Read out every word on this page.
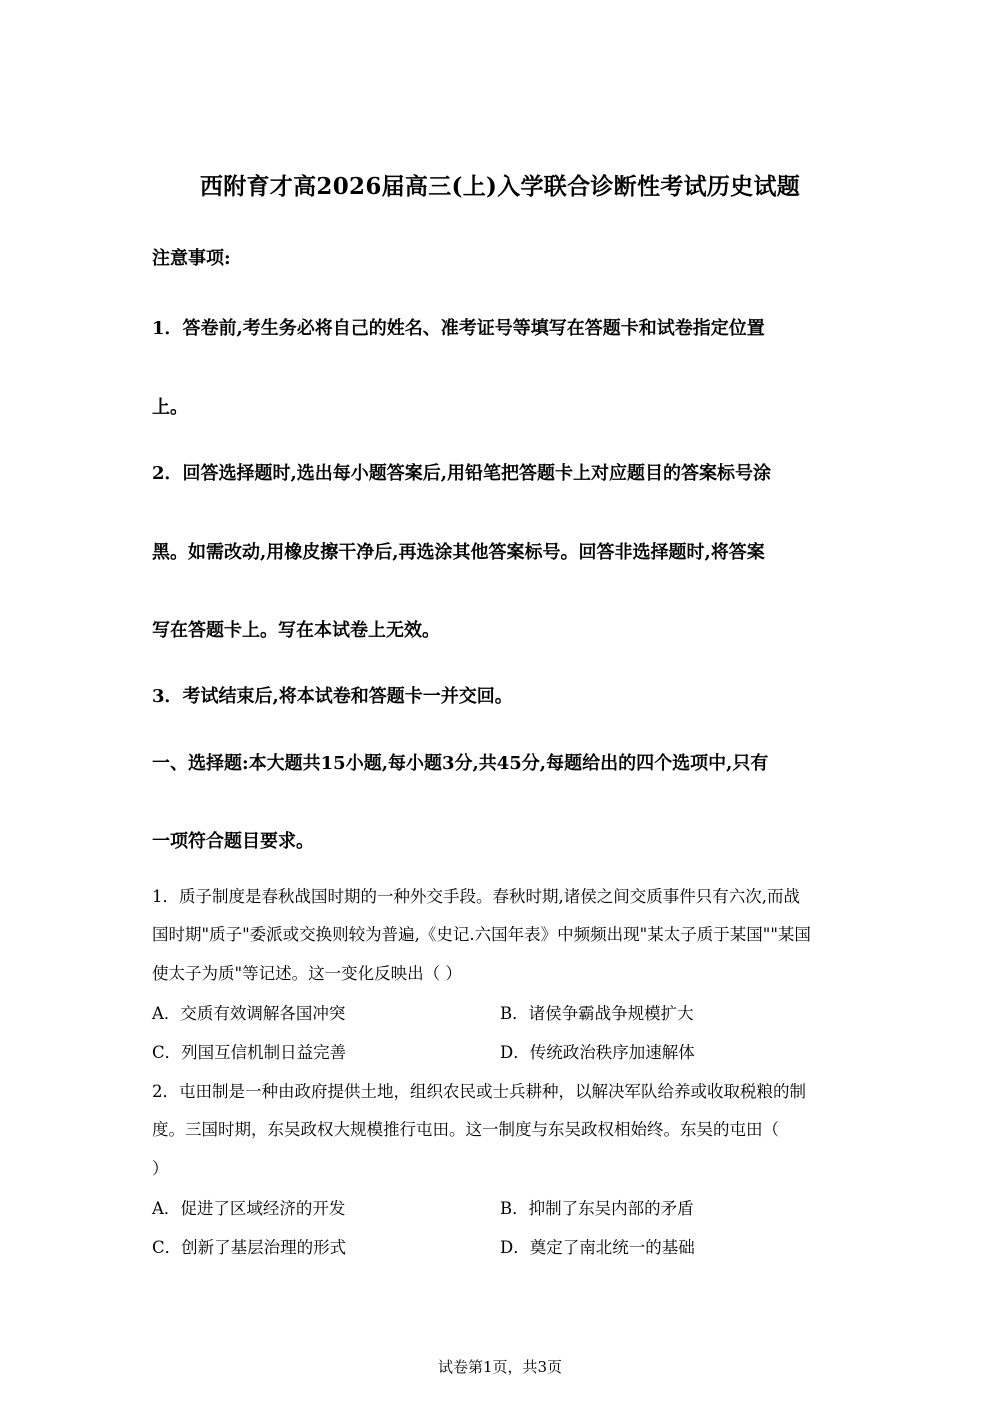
西附育才高2026届高三(上)入学联合诊断性考试历史试题
注意事项:
1．答卷前,考生务必将自己的姓名、准考证号等填写在答题卡和试卷指定位置
上。
2．回答选择题时,选出每小题答案后,用铅笔把答题卡上对应题目的答案标号涂
黑。如需改动,用橡皮擦干净后,再选涂其他答案标号。回答非选择题时,将答案
写在答题卡上。写在本试卷上无效。
3．考试结束后,将本试卷和答题卡一并交回。
一、选择题:本大题共15小题,每小题3分,共45分,每题给出的四个选项中,只有
一项符合题目要求。
1．质子制度是春秋战国时期的一种外交手段。春秋时期,诸侯之间交质事件只有六次,而战
国时期"质子"委派或交换则较为普遍,《史记.六国年表》中频频出现"某太子质于某国""某国
使太子为质"等记述。这一变化反映出（ ）
A．交质有效调解各国冲突	B．诸侯争霸战争规模扩大
C．列国互信机制日益完善	D．传统政治秩序加速解体
2．屯田制是一种由政府提供土地，组织农民或士兵耕种，以解决军队给养或收取税粮的制
度。三国时期，东吴政权大规模推行屯田。这一制度与东吴政权相始终。东吴的屯田（
）
A．促进了区域经济的开发	B．抑制了东吴内部的矛盾
C．创新了基层治理的形式	D．奠定了南北统一的基础
试卷第1页，共3页
